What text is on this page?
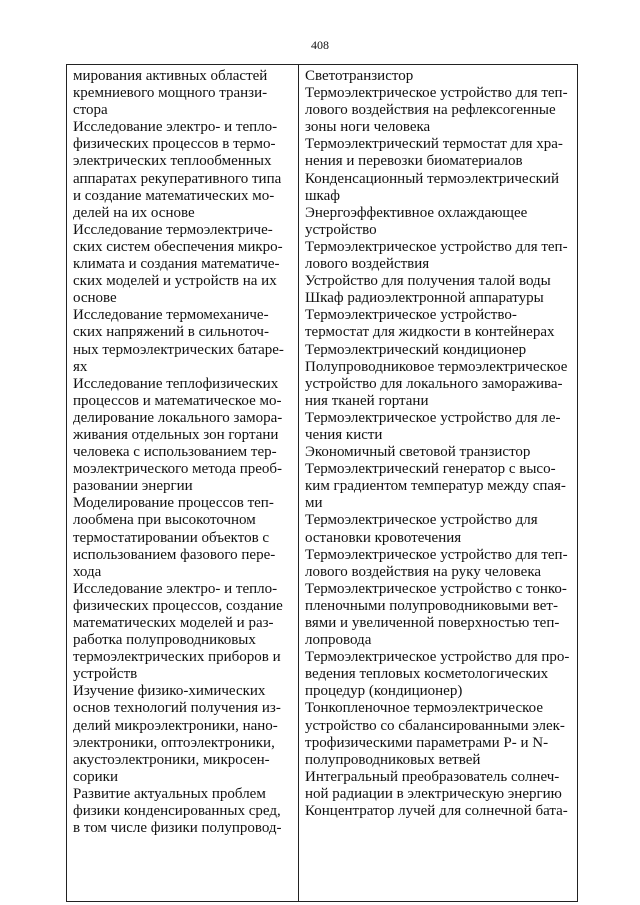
408
мирования активных областей
кремниевого мощного транзи-
стора
Исследование электро- и тепло-
физических процессов в термо-
электрических теплообменных
аппаратах рекуперативного типа
и создание математических мо-
делей на их основе
Исследование термоэлектриче-
ских систем обеспечения микро-
климата и создания математиче-
ских моделей и устройств на их
основе
Исследование термомеханиче-
ских напряжений в сильноточ-
ных термоэлектрических батаре-
ях
Исследование теплофизических
процессов и математическое мо-
делирование локального замора-
живания отдельных зон гортани
человека с использованием тер-
моэлектрического метода преоб-
разовании энергии
Моделирование процессов теп-
лообмена при высокоточном
термостатировании объектов с
использованием фазового пере-
хода
Исследование электро- и тепло-
физических процессов, создание
математических моделей и раз-
работка полупроводниковых
термоэлектрических приборов и
устройств
Изучение физико-химических
основ технологий получения из-
делий микроэлектроники, нано-
электроники, оптоэлектроники,
акустоэлектроники, микросен-
сорики
Развитие актуальных проблем
физики конденсированных сред,
в том числе физики полупровод-
Светотранзистор
Термоэлектрическое устройство для теп-
лового воздействия на рефлексогенные
зоны ноги человека
Термоэлектрический термостат для хра-
нения и перевозки биоматериалов
Конденсационный термоэлектрический
шкаф
Энергоэффективное охлаждающее
устройство
Термоэлектрическое устройство для теп-
лового воздействия
Устройство для получения талой воды
Шкаф радиоэлектронной аппаратуры
Термоэлектрическое устройство-
термостат для жидкости в контейнерах
Термоэлектрический кондиционер
Полупроводниковое термоэлектрическое
устройство для локального заморажива-
ния тканей гортани
Термоэлектрическое устройство для ле-
чения кисти
Экономичный световой транзистор
Термоэлектрический генератор с высо-
ким градиентом температур между спая-
ми
Термоэлектрическое устройство для
остановки кровотечения
Термоэлектрическое устройство для теп-
лового воздействия на руку человека
Термоэлектрическое устройство с тонко-
пленочными полупроводниковыми вет-
вями и увеличенной поверхностью теп-
лопровода
Термоэлектрическое устройство для про-
ведения тепловых косметологических
процедур (кондиционер)
Тонкопленочное термоэлектрическое
устройство со сбалансированными элек-
трофизическими параметрами P- и N-
полупроводниковых ветвей
Интегральный преобразователь солнеч-
ной радиации в электрическую энергию
Концентратор лучей для солнечной бата-
